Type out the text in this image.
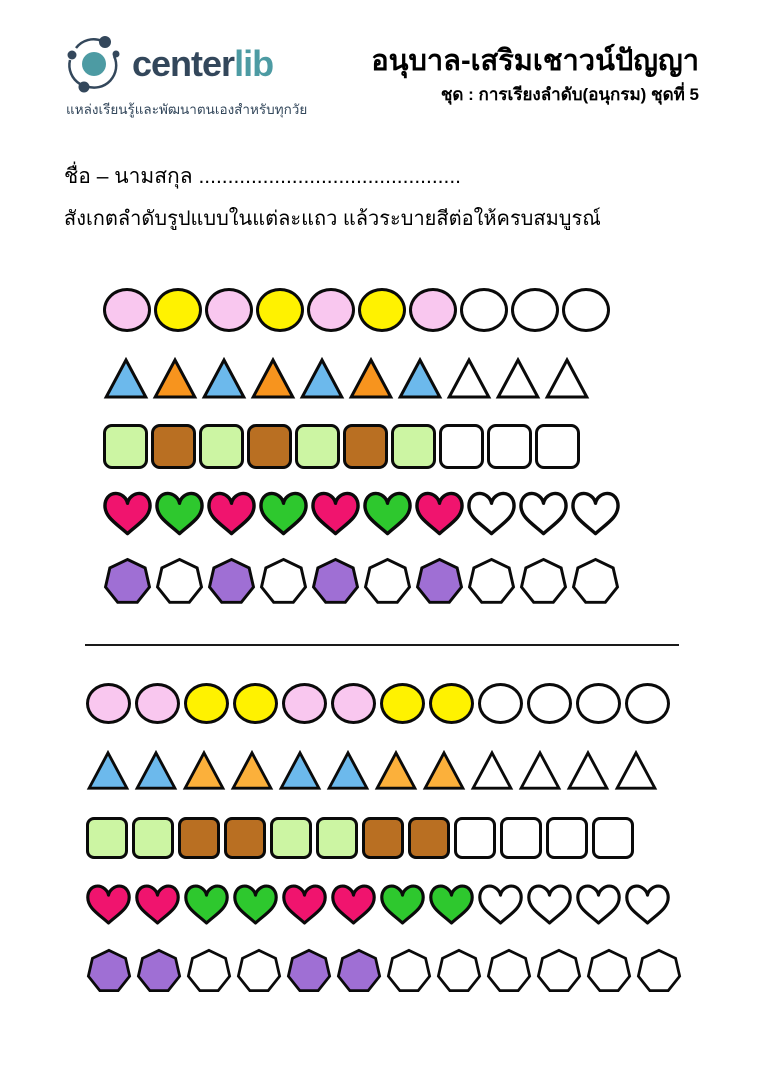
centerlib
แหล่งเรียนรู้และพัฒนาตนเองสำหรับทุกวัย
อนุบาล-เสริมเชาวน์ปัญญา
ชุด : การเรียงลำดับ(อนุกรม) ชุดที่ 5
ชื่อ – นามสกุล .............................................
สังเกตลำดับรูปแบบในแต่ละแถว แล้วระบายสีต่อให้ครบสมบูรณ์
